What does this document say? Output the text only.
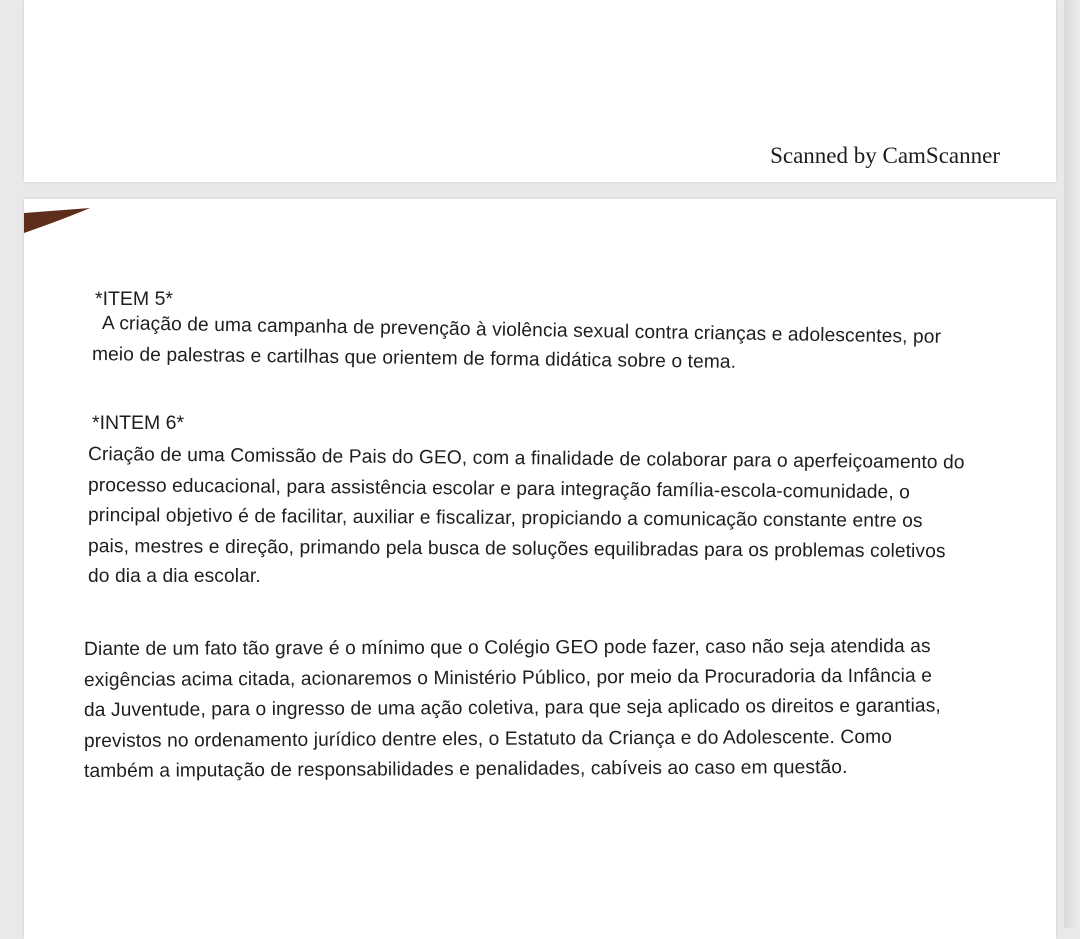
Scanned by CamScanner
*ITEM 5*
A criação de uma campanha de prevenção à violência sexual contra crianças e adolescentes, por
meio de palestras e cartilhas que orientem de forma didática sobre o tema.
*INTEM 6*
Criação de uma Comissão de Pais do GEO, com a finalidade de colaborar para o aperfeiçoamento do
processo educacional, para assistência escolar e para integração família-escola-comunidade, o
principal objetivo é de facilitar, auxiliar e fiscalizar, propiciando a comunicação constante entre os
pais, mestres e direção, primando pela busca de soluções equilibradas para os problemas coletivos
do dia a dia escolar.
Diante de um fato tão grave é o mínimo que o Colégio GEO pode fazer, caso não seja atendida as
exigências acima citada, acionaremos o Ministério Público, por meio da Procuradoria da Infância e
da Juventude, para o ingresso de uma ação coletiva, para que seja aplicado os direitos e garantias,
previstos no ordenamento jurídico dentre eles, o Estatuto da Criança e do Adolescente. Como
também a imputação de responsabilidades e penalidades, cabíveis ao caso em questão.
